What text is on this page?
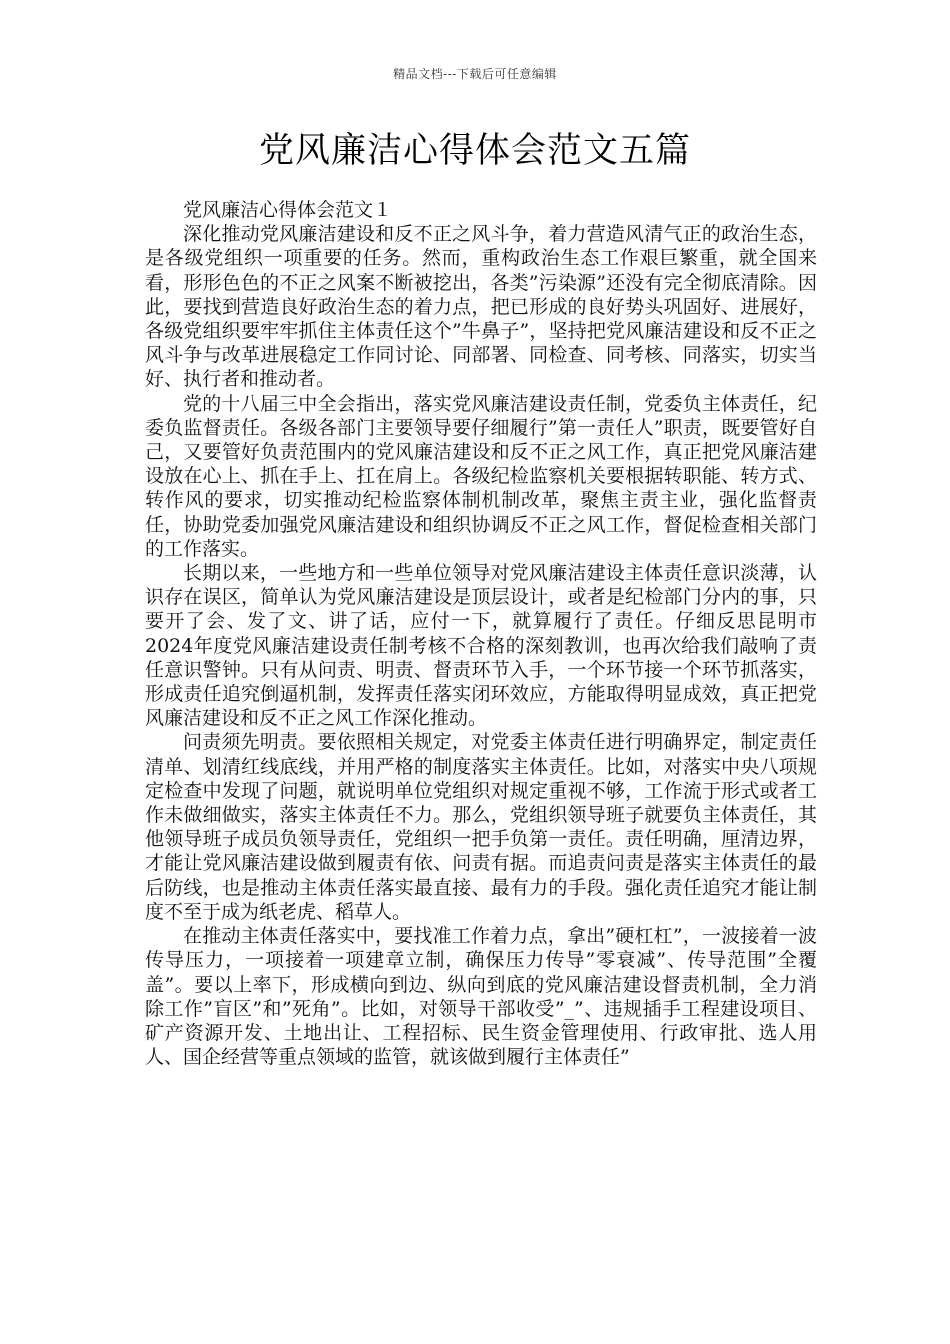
精品文档---下载后可任意编辑
党风廉洁心得体会范文五篇

党风廉洁心得体会范文１

深化推动党风廉洁建设和反不正之风斗争，着力营造风清气正的政治生态，是各级党组织一项重要的任务。然而，重构政治生态工作艰巨繁重，就全国来看，形形色色的不正之风案不断被挖出，各类”污染源”还没有完全彻底清除。因此，要找到营造良好政治生态的着力点，把已形成的良好势头巩固好、进展好，各级党组织要牢牢抓住主体责任这个”牛鼻子”，坚持把党风廉洁建设和反不正之风斗争与改革进展稳定工作同讨论、同部署、同检查、同考核、同落实，切实当好、执行者和推动者。

党的十八届三中全会指出，落实党风廉洁建设责任制，党委负主体责任，纪委负监督责任。各级各部门主要领导要仔细履行”第一责任人”职责，既要管好自己，又要管好负责范围内的党风廉洁建设和反不正之风工作，真正把党风廉洁建设放在心上、抓在手上、扛在肩上。各级纪检监察机关要根据转职能、转方式、转作风的要求，切实推动纪检监察体制机制改革，聚焦主责主业，强化监督责任，协助党委加强党风廉洁建设和组织协调反不正之风工作，督促检查相关部门的工作落实。

长期以来，一些地方和一些单位领导对党风廉洁建设主体责任意识淡薄，认识存在误区，简单认为党风廉洁建设是顶层设计，或者是纪检部门分内的事，只要开了会、发了文、讲了话，应付一下，就算履行了责任。仔细反思昆明市2024年度党风廉洁建设责任制考核不合格的深刻教训，也再次给我们敲响了责任意识警钟。只有从问责、明责、督责环节入手，一个环节接一个环节抓落实，形成责任追究倒逼机制，发挥责任落实闭环效应，方能取得明显成效，真正把党风廉洁建设和反不正之风工作深化推动。

问责须先明责。要依照相关规定，对党委主体责任进行明确界定，制定责任清单、划清红线底线，并用严格的制度落实主体责任。比如，对落实中央八项规定检查中发现了问题，就说明单位党组织对规定重视不够，工作流于形式或者工作未做细做实，落实主体责任不力。那么，党组织领导班子就要负主体责任，其他领导班子成员负领导责任，党组织一把手负第一责任。责任明确，厘清边界，才能让党风廉洁建设做到履责有依、问责有据。而追责问责是落实主体责任的最后防线，也是推动主体责任落实最直接、最有力的手段。强化责任追究才能让制度不至于成为纸老虎、稻草人。

在推动主体责任落实中，要找准工作着力点，拿出”硬杠杠”，一波接着一波传导压力，一项接着一项建章立制，确保压力传导”零衰减”、传导范围”全覆盖”。要以上率下，形成横向到边、纵向到底的党风廉洁建设督责机制，全力消除工作”盲区”和”死角”。比如，对领导干部收受”_”、违规插手工程建设项目、矿产资源开发、土地出让、工程招标、民生资金管理使用、行政审批、选人用人、国企经营等重点领域的监管，就该做到履行主体责任”
